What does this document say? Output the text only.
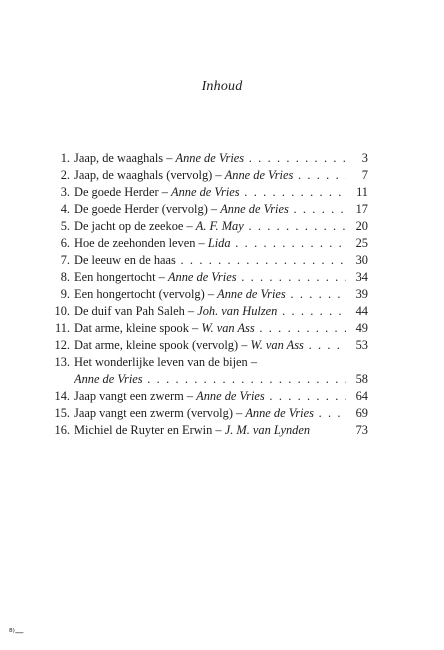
Inhoud
1. Jaap, de waaghals – Anne de Vries . . .	3
2. Jaap, de waaghals (vervolg) – Anne de Vries . . .	7
3. De goede Herder – Anne de Vries . . .	11
4. De goede Herder (vervolg) – Anne de Vries . . .	17
5. De jacht op de zeekoe – A. F. May . . .	20
6. Hoe de zeehonden leven – Lida . . .	25
7. De leeuw en de haas . . .	30
8. Een hongertocht – Anne de Vries . . .	34
9. Een hongertocht (vervolg) – Anne de Vries . . .	39
10. De duif van Pah Saleh – Joh. van Hulzen . . .	44
11. Dat arme, kleine spook – W. van Ass . . .	49
12. Dat arme, kleine spook (vervolg) – W. van Ass . . .	53
13. Het wonderlijke leven van de bijen –
Anne de Vries . . .	58
14. Jaap vangt een zwerm – Anne de Vries . . .	64
15. Jaap vangt een zwerm (vervolg) – Anne de Vries . . .	69
16. Michiel de Ruyter en Erwin – J. M. van Lynden	73
⁸⁾—
